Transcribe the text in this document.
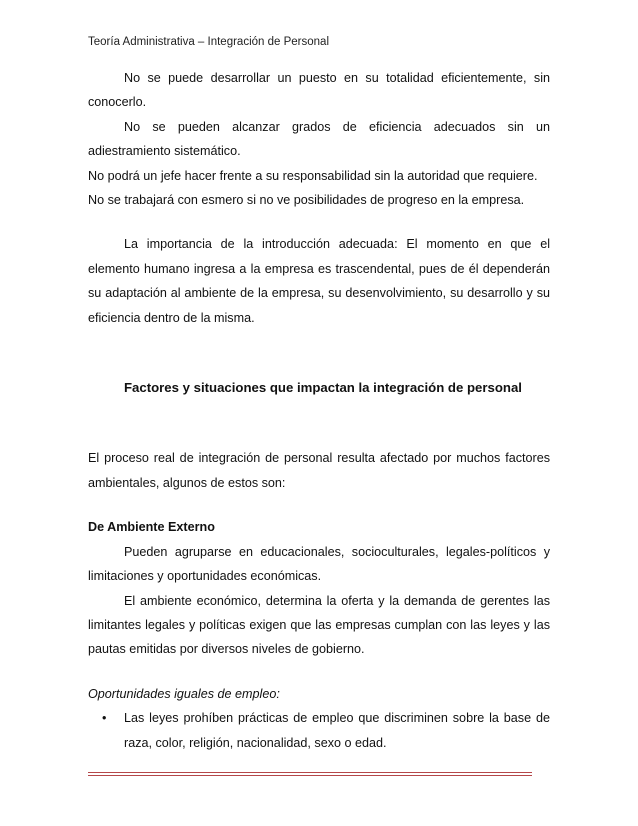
Teoría Administrativa – Integración de Personal

No se puede desarrollar un puesto en su totalidad eficientemente, sin conocerlo.

No se pueden alcanzar grados de eficiencia adecuados sin un adiestramiento sistemático.

No podrá un jefe hacer frente a su responsabilidad sin la autoridad que requiere.

No se trabajará con esmero si no ve posibilidades de progreso en la empresa.

La importancia de la introducción adecuada: El momento en que el elemento humano ingresa a la empresa es trascendental, pues de él dependerán su adaptación al ambiente de la empresa, su desenvolvimiento, su desarrollo y su eficiencia dentro de la misma.

Factores y situaciones que impactan la integración de personal

El proceso real de integración de personal resulta afectado por muchos factores ambientales, algunos de estos son:

De Ambiente Externo

Pueden agruparse en educacionales, socioculturales, legales-políticos y limitaciones y oportunidades económicas.

El ambiente económico, determina la oferta y la demanda de gerentes las limitantes legales y políticas exigen que las empresas cumplan con las leyes y las pautas emitidas por diversos niveles de gobierno.

Oportunidades iguales de empleo:

• Las leyes prohíben prácticas de empleo que discriminen sobre la base de raza, color, religión, nacionalidad, sexo o edad.
